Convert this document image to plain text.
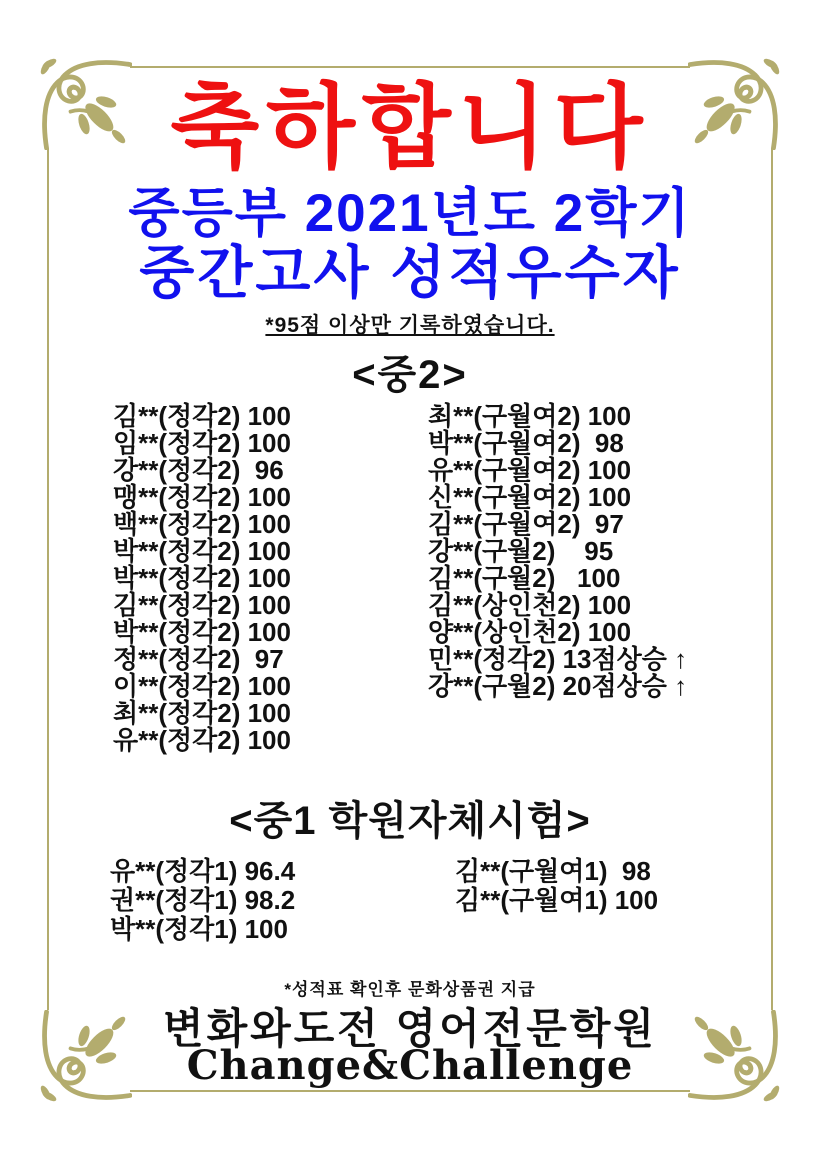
축하합니다
중등부 2021년도 2학기
중간고사 성적우수자
*95점 이상만 기록하였습니다.
<중2>
김**(정각2) 100
임**(정각2) 100
강**(정각2)  96
맹**(정각2) 100
백**(정각2) 100
박**(정각2) 100
박**(정각2) 100
김**(정각2) 100
박**(정각2) 100
정**(정각2)  97
이**(정각2) 100
최**(정각2) 100
유**(정각2) 100
최**(구월여2) 100
박**(구월여2)  98
유**(구월여2) 100
신**(구월여2) 100
김**(구월여2)  97
강**(구월2)    95
김**(구월2)   100
김**(상인천2) 100
양**(상인천2) 100
민**(정각2) 13점상승 ↑
강**(구월2) 20점상승 ↑
<중1 학원자체시험>
유**(정각1) 96.4
권**(정각1) 98.2
박**(정각1) 100
김**(구월여1)  98
김**(구월여1) 100
*성적표 확인후 문화상품권 지급
변화와도전 영어전문학원
Change&Challenge
